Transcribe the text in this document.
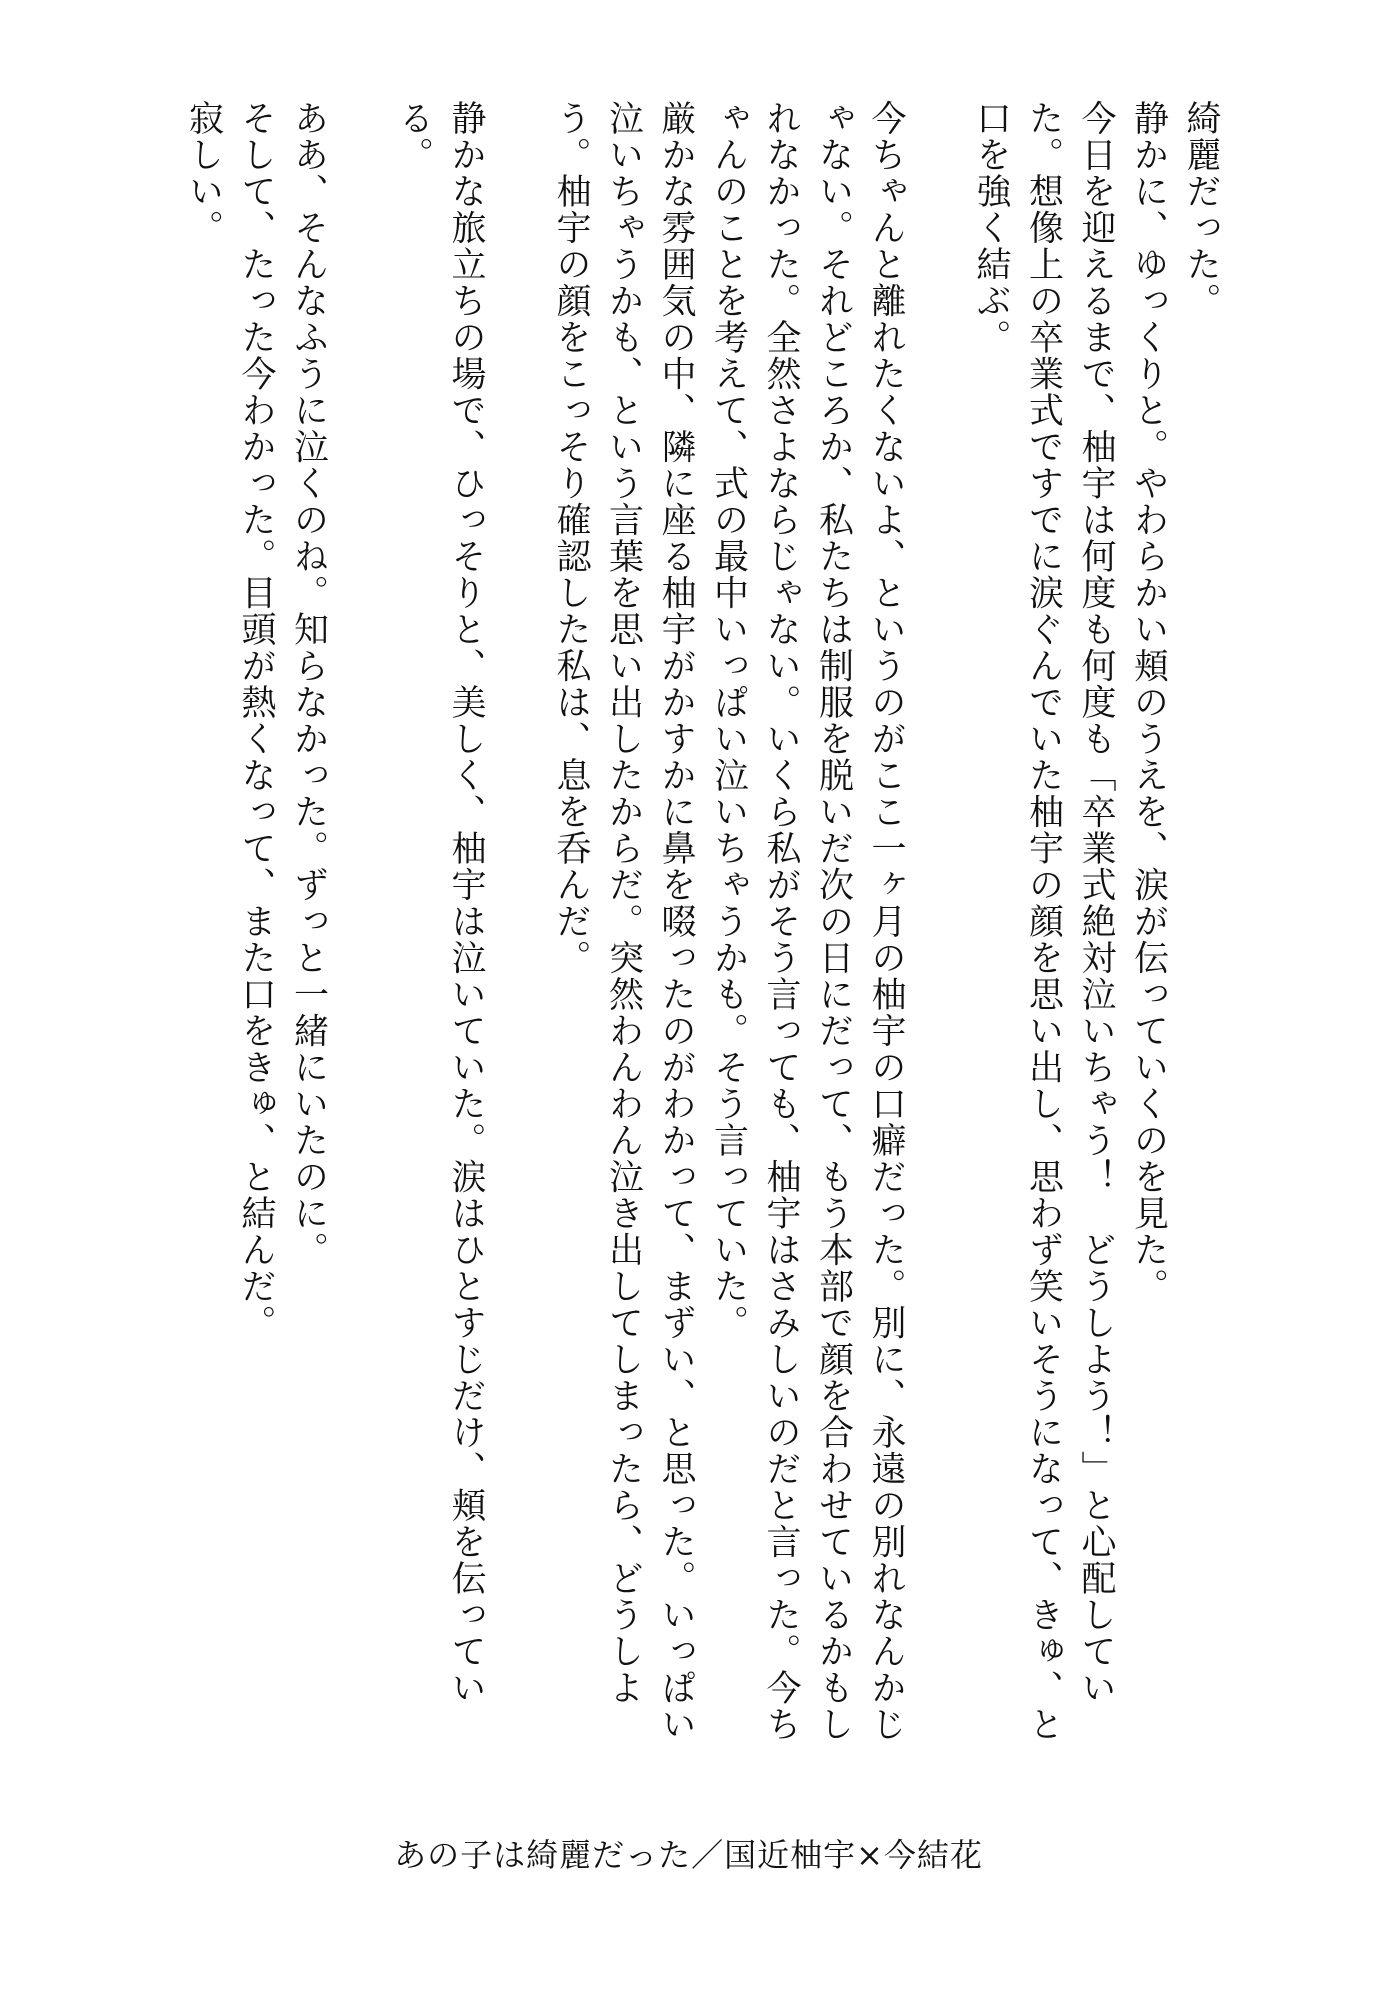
綺麗だった。

静かに、ゆっくりと。やわらかい頬のうえを、涙が伝っていくのを見た。

今日を迎えるまで、柚宇は何度も何度も「卒業式絶対泣いちゃう！　どうしよう！」と心配していた。想像上の卒業式ですでに涙ぐんでいた柚宇の顔を思い出し、思わず笑いそうになって、きゅ、と口を強く結ぶ。

今ちゃんと離れたくないよ、というのがここ一ヶ月の柚宇の口癖だった。別に、永遠の別れなんかじゃない。それどころか、私たちは制服を脱いだ次の日にだって、もう本部で顔を合わせているかもしれなかった。全然さよならじゃない。いくら私がそう言っても、柚宇はさみしいのだと言った。今ちゃんのことを考えて、式の最中いっぱい泣いちゃうかも。そう言っていた。

厳かな雰囲気の中、隣に座る柚宇がかすかに鼻を啜ったのがわかって、まずい、と思った。いっぱい泣いちゃうかも、という言葉を思い出したからだ。突然わんわん泣き出してしまったら、どうしよう。柚宇の顔をこっそり確認した私は、息を呑んだ。

静かな旅立ちの場で、ひっそりと、美しく、柚宇は泣いていた。涙はひとすじだけ、頬を伝っている。

ああ、そんなふうに泣くのね。知らなかった。ずっと一緒にいたのに。

そして、たった今わかった。目頭が熱くなって、また口をきゅ、と結んだ。

寂しい。

あの子は綺麗だった／国近柚宇×今結花
